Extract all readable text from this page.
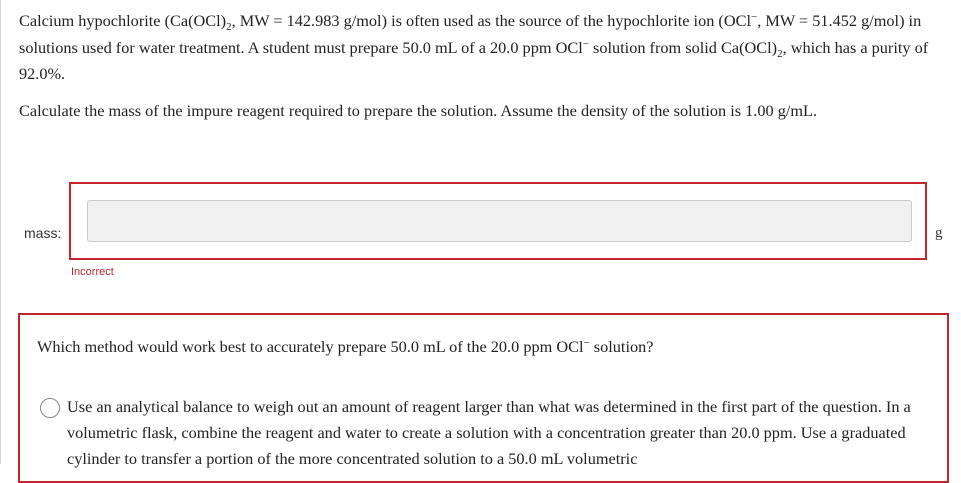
Calcium hypochlorite ($Ca(OCl)_2$, MW = 142.983 g/mol) is often used as the source of the hypochlorite ion (OCl−, MW = 51.452 g/mol) in solutions used for water treatment. A student must prepare 50.0 mL of a 20.0 ppm OCl− solution from solid $Ca(OCl)_2$, which has a purity of 92.0%.

Calculate the mass of the impure reagent required to prepare the solution. Assume the density of the solution is 1.00 g/mL.

mass:	g
Incorrect
Which method would work best to accurately prepare 50.0 mL of the 20.0 ppm OCl− solution?
Use an analytical balance to weigh out an amount of reagent larger than what was determined in the first part of the question. In a volumetric flask, combine the reagent and water to create a solution with a concentration greater than 20.0 ppm. Use a graduated cylinder to transfer a portion of the more concentrated solution to a 50.0 mL volumetric
